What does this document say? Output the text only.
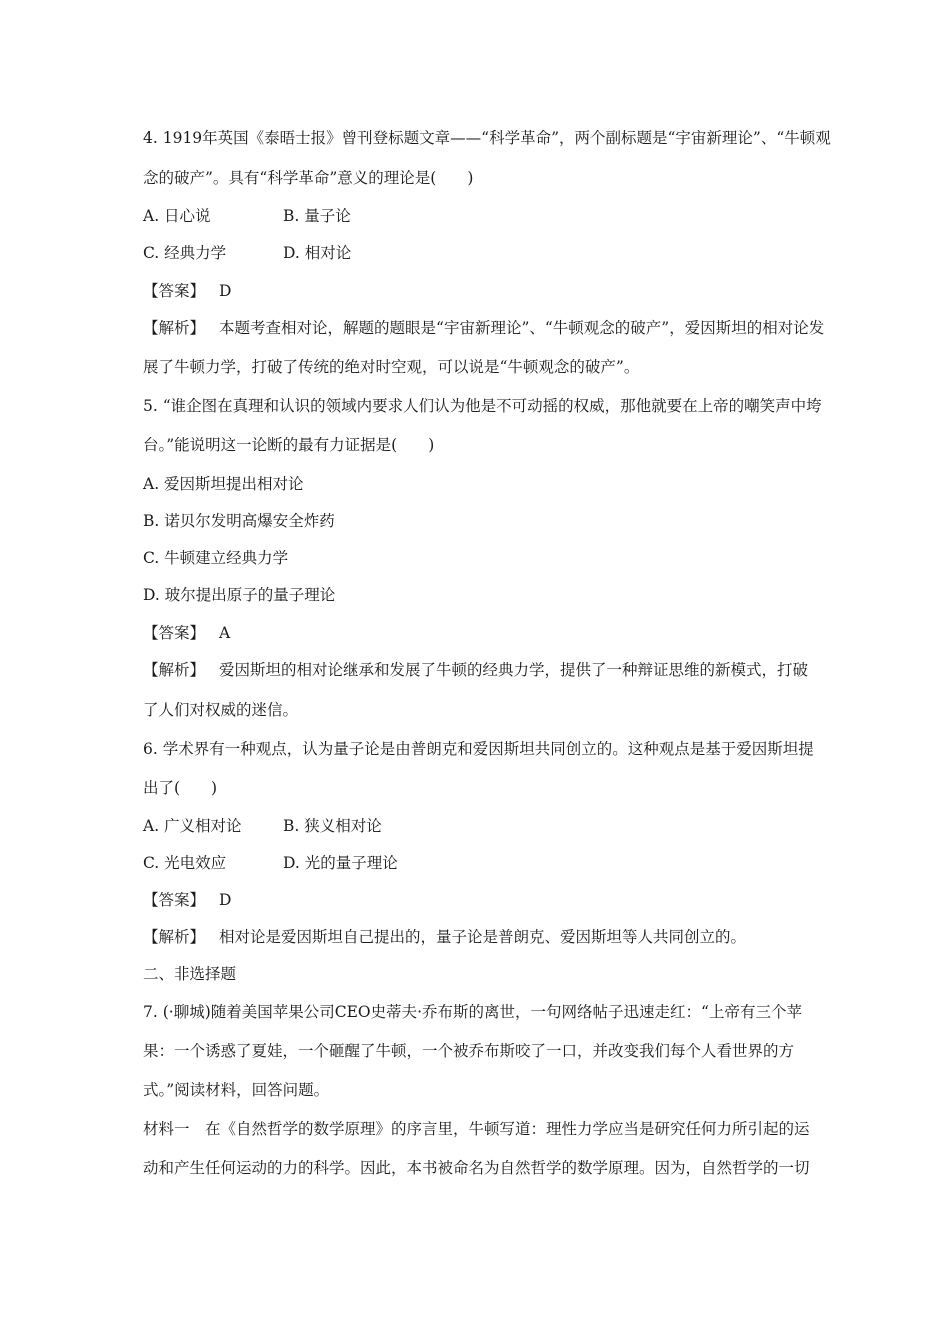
4. 1919年英国《泰晤士报》曾刊登标题文章——“科学革命”，两个副标题是“宇宙新理论”、“牛顿观
念的破产”。具有“科学革命”意义的理论是(　　)
A. 日心说	B. 量子论
C. 经典力学	D. 相对论
【答案】 D
【解析】 本题考查相对论，解题的题眼是“宇宙新理论”、“牛顿观念的破产”，爱因斯坦的相对论发
展了牛顿力学，打破了传统的绝对时空观，可以说是“牛顿观念的破产”。
5. “谁企图在真理和认识的领域内要求人们认为他是不可动摇的权威，那他就要在上帝的嘲笑声中垮
台。”能说明这一论断的最有力证据是(　　)
A. 爱因斯坦提出相对论
B. 诺贝尔发明高爆安全炸药
C. 牛顿建立经典力学
D. 玻尔提出原子的量子理论
【答案】 A
【解析】 爱因斯坦的相对论继承和发展了牛顿的经典力学，提供了一种辩证思维的新模式，打破
了人们对权威的迷信。
6. 学术界有一种观点，认为量子论是由普朗克和爱因斯坦共同创立的。这种观点是基于爱因斯坦提
出了(　　)
A. 广义相对论	B. 狭义相对论
C. 光电效应	D. 光的量子理论
【答案】 D
【解析】 相对论是爱因斯坦自己提出的，量子论是普朗克、爱因斯坦等人共同创立的。
二、非选择题
7. (·聊城)随着美国苹果公司CEO史蒂夫·乔布斯的离世，一句网络帖子迅速走红：“上帝有三个苹
果：一个诱惑了夏娃，一个砸醒了牛顿，一个被乔布斯咬了一口，并改变我们每个人看世界的方
式。”阅读材料，回答问题。
材料一　在《自然哲学的数学原理》的序言里，牛顿写道：理性力学应当是研究任何力所引起的运
动和产生任何运动的力的科学。因此，本书被命名为自然哲学的数学原理。因为，自然哲学的一切
